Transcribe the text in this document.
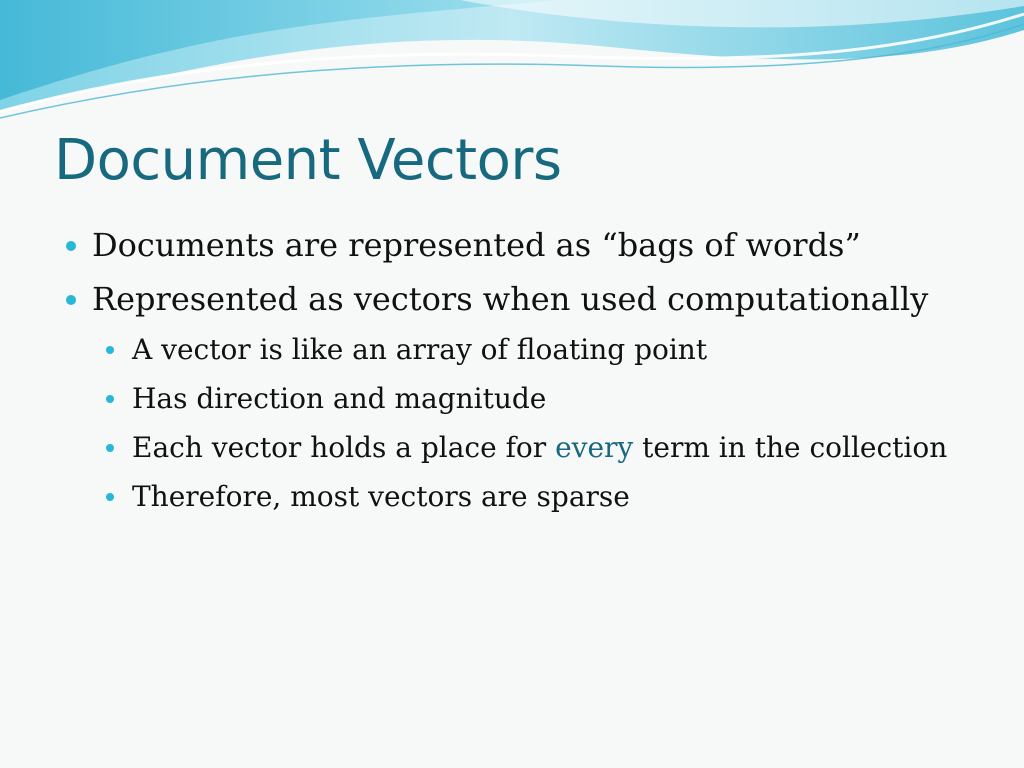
Document Vectors
Documents are represented as “bags of words”
Represented as vectors when used computationally
A vector is like an array of floating point
Has direction and magnitude
Each vector holds a place for every term in the collection
Therefore, most vectors are sparse
